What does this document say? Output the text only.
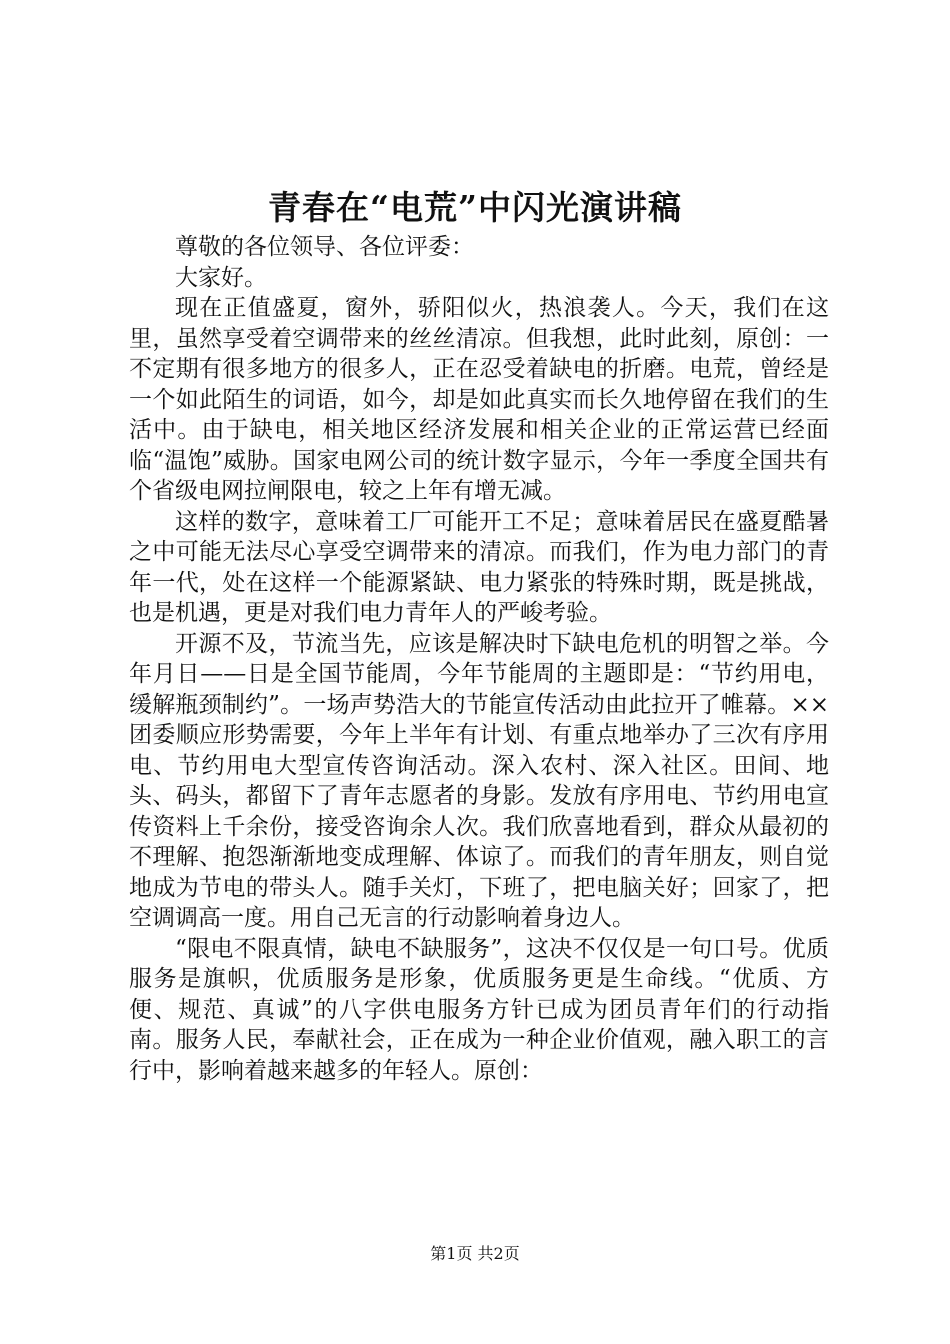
青春在“电荒”中闪光演讲稿

尊敬的各位领导、各位评委：

大家好。

现在正值盛夏，窗外，骄阳似火，热浪袭人。今天，我们在这里，虽然享受着空调带来的丝丝清凉。但我想，此时此刻，原创：一不定期有很多地方的很多人，正在忍受着缺电的折磨。电荒，曾经是一个如此陌生的词语，如今，却是如此真实而长久地停留在我们的生活中。由于缺电，相关地区经济发展和相关企业的正常运营已经面临“温饱”威胁。国家电网公司的统计数字显示，今年一季度全国共有个省级电网拉闸限电，较之上年有增无减。

这样的数字，意味着工厂可能开工不足；意味着居民在盛夏酷暑之中可能无法尽心享受空调带来的清凉。而我们，作为电力部门的青年一代，处在这样一个能源紧缺、电力紧张的特殊时期，既是挑战，也是机遇，更是对我们电力青年人的严峻考验。

开源不及，节流当先，应该是解决时下缺电危机的明智之举。今年月日——日是全国节能周，今年节能周的主题即是：“节约用电，缓解瓶颈制约”。一场声势浩大的节能宣传活动由此拉开了帷幕。××团委顺应形势需要，今年上半年有计划、有重点地举办了三次有序用电、节约用电大型宣传咨询活动。深入农村、深入社区。田间、地头、码头，都留下了青年志愿者的身影。发放有序用电、节约用电宣传资料上千余份，接受咨询余人次。我们欣喜地看到，群众从最初的不理解、抱怨渐渐地变成理解、体谅了。而我们的青年朋友，则自觉地成为节电的带头人。随手关灯，下班了，把电脑关好；回家了，把空调调高一度。用自己无言的行动影响着身边人。

“限电不限真情，缺电不缺服务”，这决不仅仅是一句口号。优质服务是旗帜，优质服务是形象，优质服务更是生命线。“优质、方便、规范、真诚”的八字供电服务方针已成为团员青年们的行动指南。服务人民，奉献社会，正在成为一种企业价值观，融入职工的言行中，影响着越来越多的年轻人。原创：

第1页 共2页
